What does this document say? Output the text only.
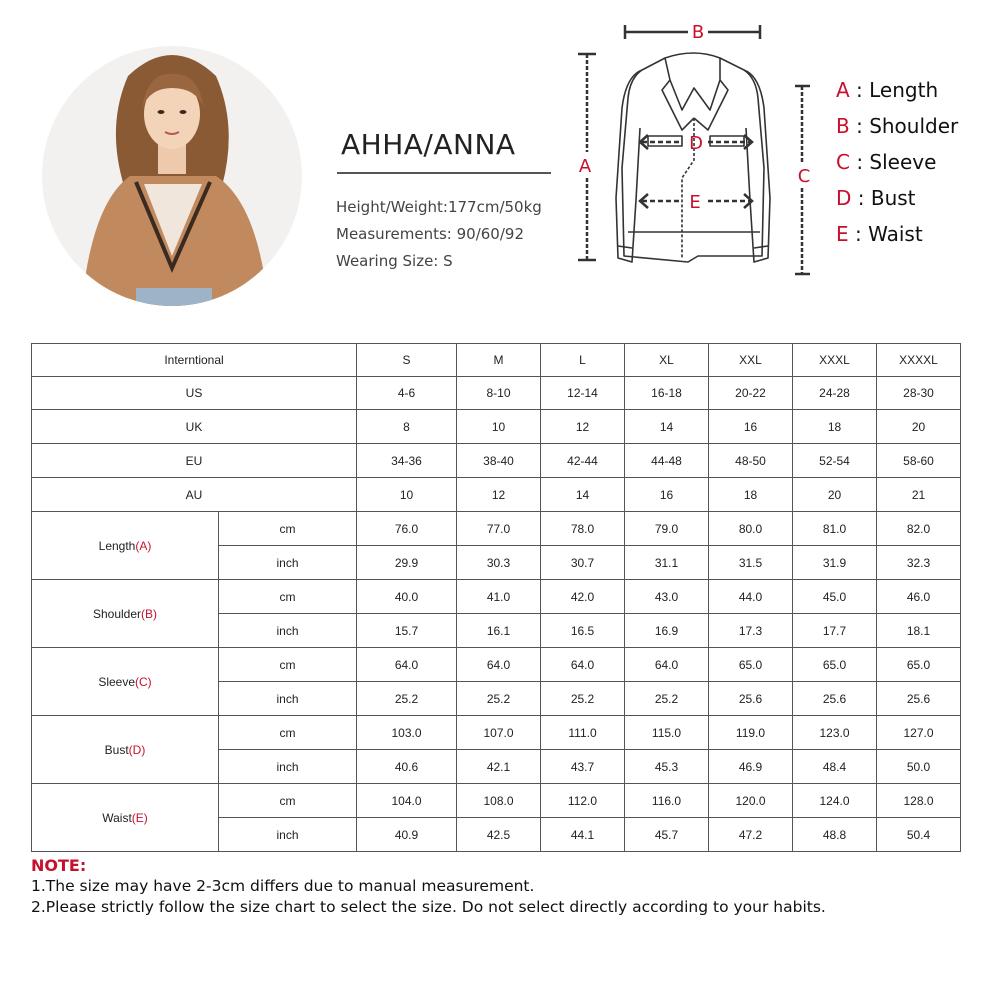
AHHA/ANNA
Height/Weight:177cm/50kg
Measurements: 90/60/92
Wearing Size: S
B
A	C
D
E
A : Length
B : Shoulder
C : Sleeve
D : Bust
E : Waist
Interntional		S	M	L	XL	XXL	XXXL	XXXXL
US		4-6	8-10	12-14	16-18	20-22	24-28	28-30
UK		8	10	12	14	16	18	20
EU		34-36	38-40	42-44	44-48	48-50	52-54	58-60
AU		10	12	14	16	18	20	21
Length(A)	cm	76.0	77.0	78.0	79.0	80.0	81.0	82.0
	inch	29.9	30.3	30.7	31.1	31.5	31.9	32.3
Shoulder(B)	cm	40.0	41.0	42.0	43.0	44.0	45.0	46.0
	inch	15.7	16.1	16.5	16.9	17.3	17.7	18.1
Sleeve(C)	cm	64.0	64.0	64.0	64.0	65.0	65.0	65.0
	inch	25.2	25.2	25.2	25.2	25.6	25.6	25.6
Bust(D)	cm	103.0	107.0	111.0	115.0	119.0	123.0	127.0
	inch	40.6	42.1	43.7	45.3	46.9	48.4	50.0
Waist(E)	cm	104.0	108.0	112.0	116.0	120.0	124.0	128.0
	inch	40.9	42.5	44.1	45.7	47.2	48.8	50.4
NOTE:
1.The size may have 2-3cm differs due to manual measurement.
2.Please strictly follow the size chart to select the size. Do not select directly according to your habits.
